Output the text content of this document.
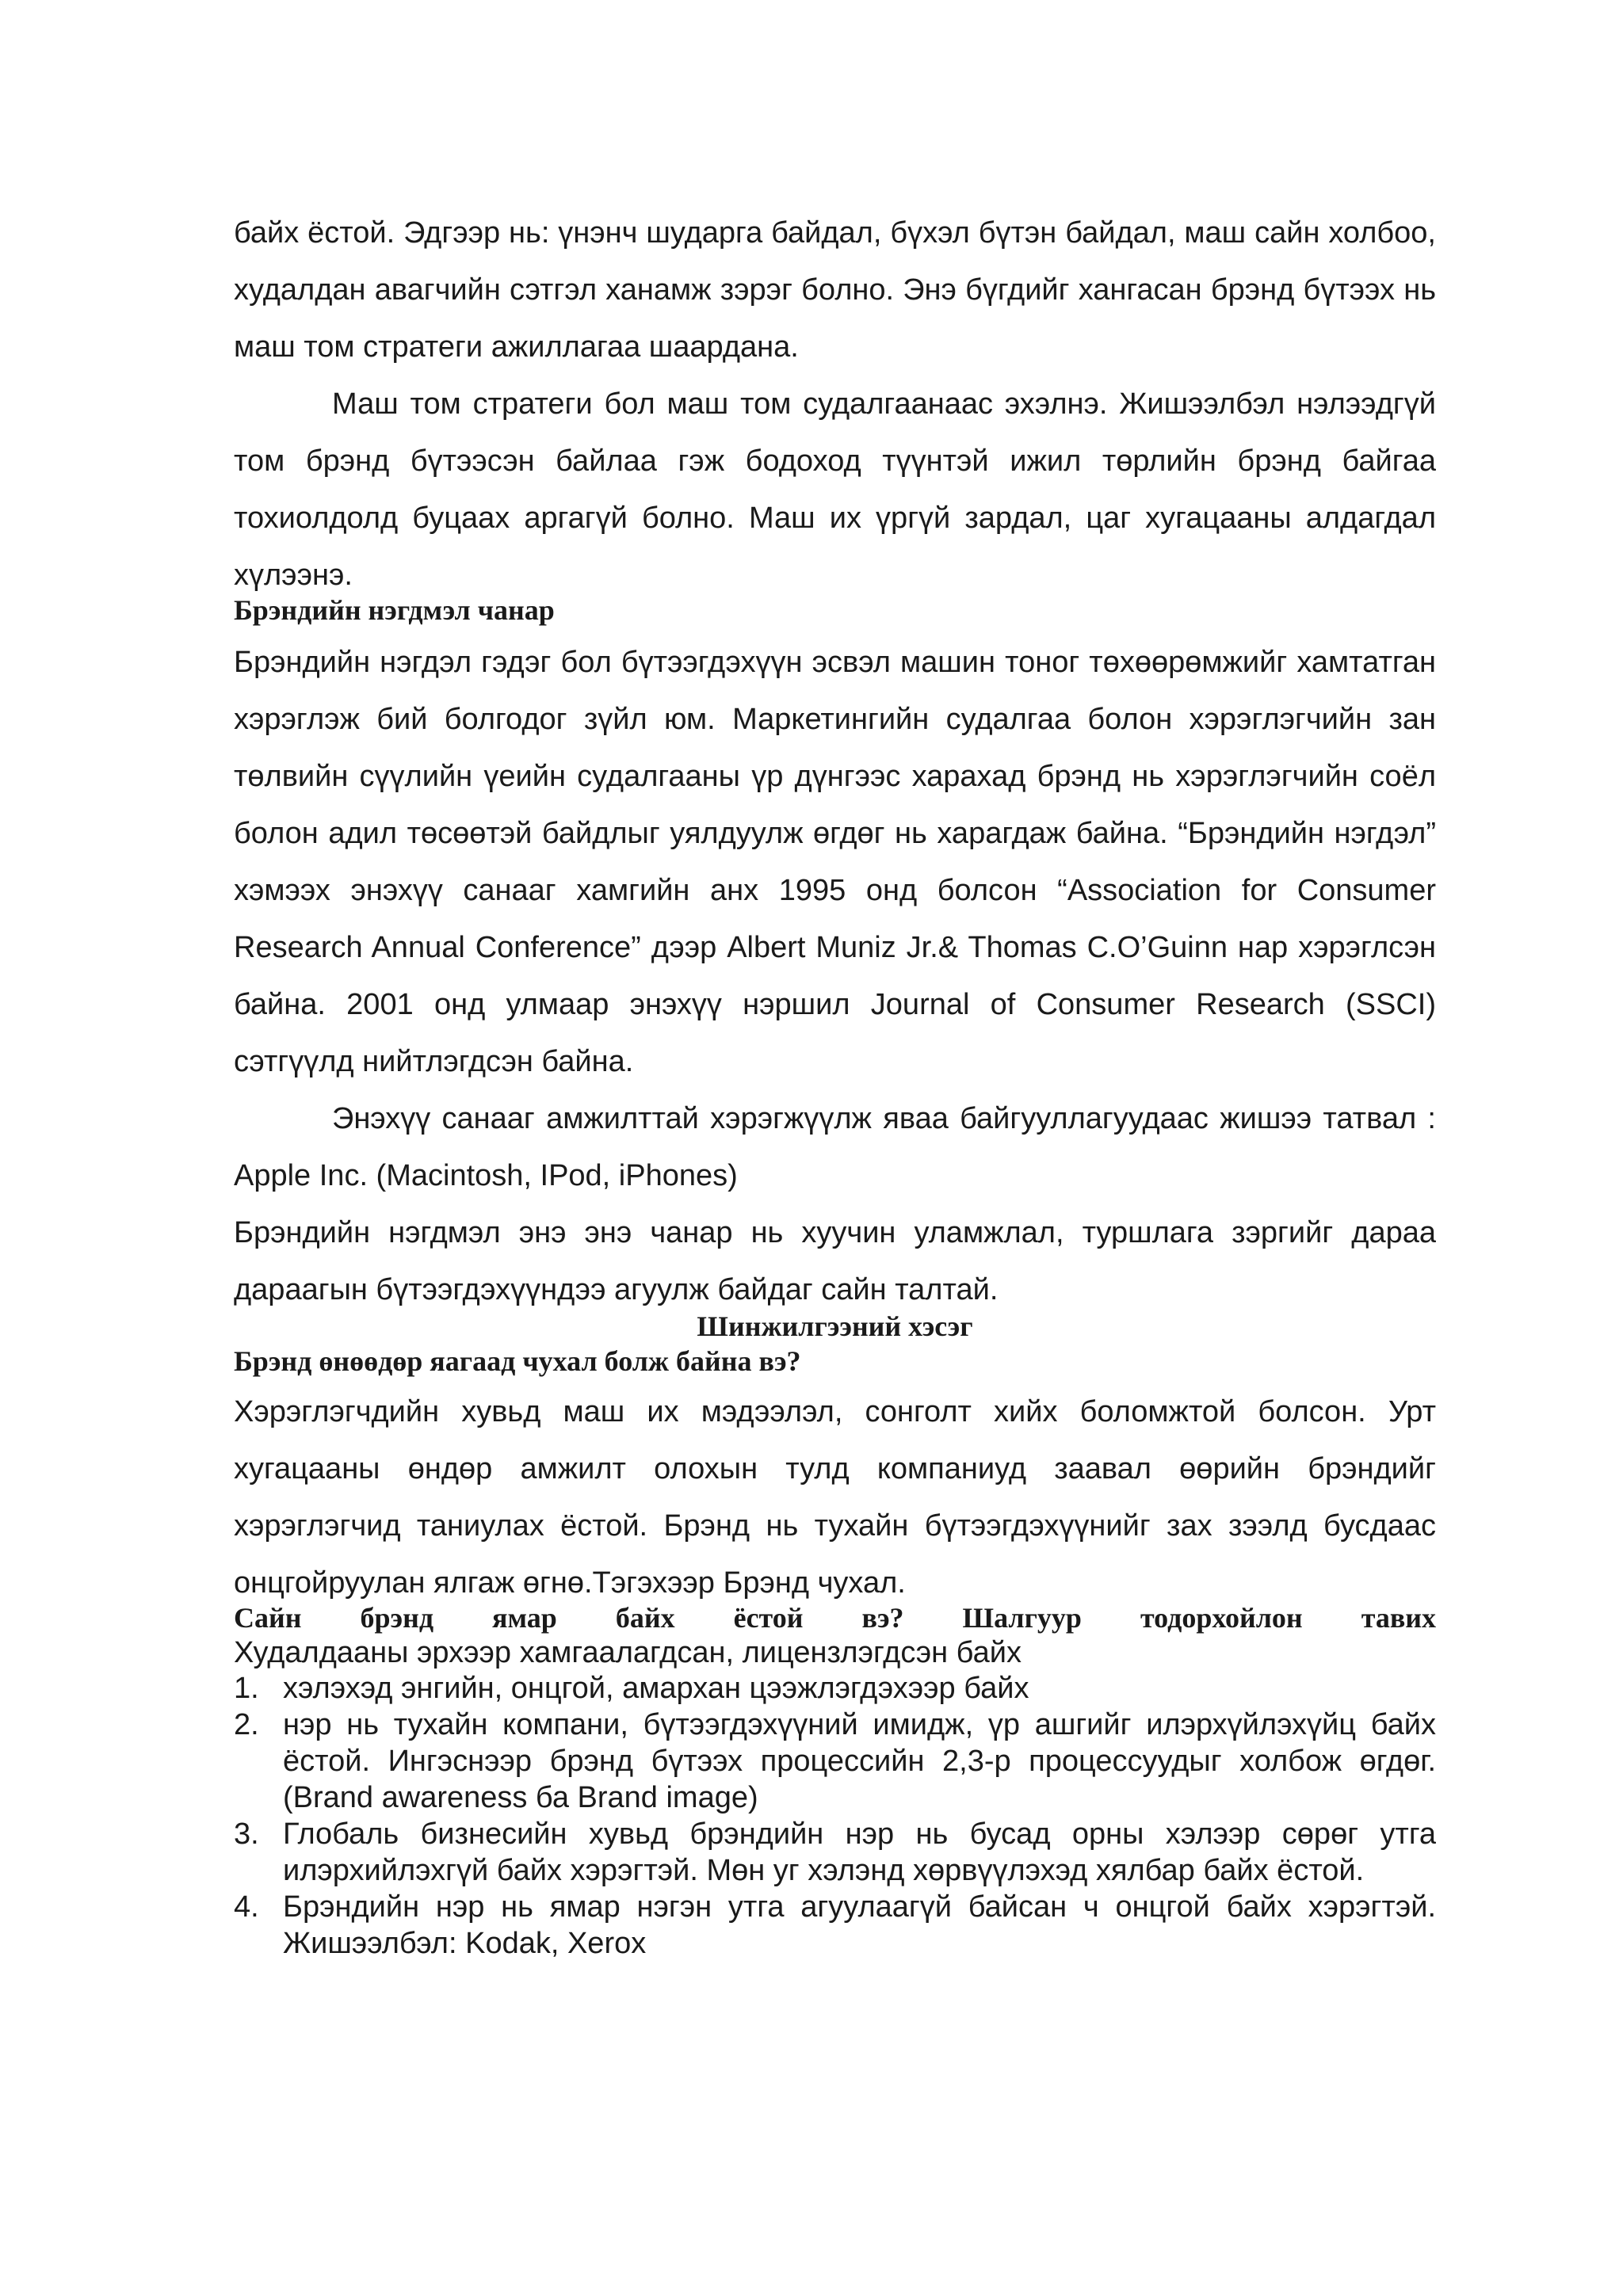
байх ёстой. Эдгээр нь: үнэнч шударга байдал, бүхэл бүтэн байдал, маш сайн холбоо, худалдан авагчийн сэтгэл ханамж зэрэг болно. Энэ бүгдийг хангасан брэнд бүтээх нь маш том стратеги ажиллагаа шаардана.

Маш том стратеги бол маш том судалгаанаас эхэлнэ. Жишээлбэл нэлээдгүй том брэнд бүтээсэн байлаа гэж бодоход түүнтэй ижил төрлийн брэнд байгаа тохиолдолд буцаах аргагүй болно. Маш их үргүй зардал, цаг хугацааны алдагдал хүлээнэ.

Брэндийн нэгдмэл чанар

Брэндийн нэгдэл гэдэг бол бүтээгдэхүүн эсвэл машин тоног төхөөрөмжийг хамтатган хэрэглэж бий болгодог зүйл юм. Маркетингийн судалгаа болон хэрэглэгчийн зан төлвийн сүүлийн үеийн судалгааны үр дүнгээс харахад брэнд нь хэрэглэгчийн соёл болон адил төсөөтэй байдлыг уялдуулж өгдөг нь харагдаж байна. “Брэндийн нэгдэл” хэмээх энэхүү санааг хамгийн анх 1995 онд болсон “Association for Consumer Research Annual Conference” дээр Albert Muniz Jr.& Thomas C.O’Guinn нар хэрэглсэн байна. 2001 онд улмаар энэхүү нэршил Journal of Consumer Research (SSCI) сэтгүүлд нийтлэгдсэн байна.

Энэхүү санааг амжилттай хэрэгжүүлж яваа байгууллагуудаас жишээ татвал : Apple Inc. (Macintosh, IPod, iPhones)

Брэндийн нэгдмэл энэ энэ чанар нь хуучин уламжлал, туршлага зэргийг дараа дараагын бүтээгдэхүүндээ агуулж байдаг сайн талтай.

Шинжилгээний хэсэг

Брэнд өнөөдөр яагаад чухал болж байна вэ?

Хэрэглэгчдийн хувьд маш их мэдээлэл, сонголт хийх боломжтой болсон. Урт хугацааны өндөр амжилт олохын тулд компаниуд заавал өөрийн брэндийг хэрэглэгчид таниулах ёстой. Брэнд нь тухайн бүтээгдэхүүнийг зах зээлд бусдаас онцгойруулан ялгаж өгнө.Тэгэхээр Брэнд чухал.

Сайн брэнд ямар байх ёстой вэ? Шалгуур тодорхойлон тавих

Худалдааны эрхээр хамгаалагдсан, лицензлэгдсэн байх

1. хэлэхэд энгийн, онцгой, амархан цээжлэгдэхээр байх
2. нэр нь тухайн компани, бүтээгдэхүүний имидж, үр ашгийг илэрхүйлэхүйц байх ёстой. Ингэснээр брэнд бүтээх процессийн 2,3-р процессуудыг холбож өгдөг. (Brand awareness ба Brand image)
3. Глобаль бизнесийн хувьд брэндийн нэр нь бусад орны хэлээр сөрөг утга илэрхийлэхгүй байх хэрэгтэй. Мөн уг хэлэнд хөрвүүлэхэд хялбар байх ёстой.
4. Брэндийн нэр нь ямар нэгэн утга агуулаагүй байсан ч онцгой байх хэрэгтэй. Жишээлбэл: Kodak, Xerox
